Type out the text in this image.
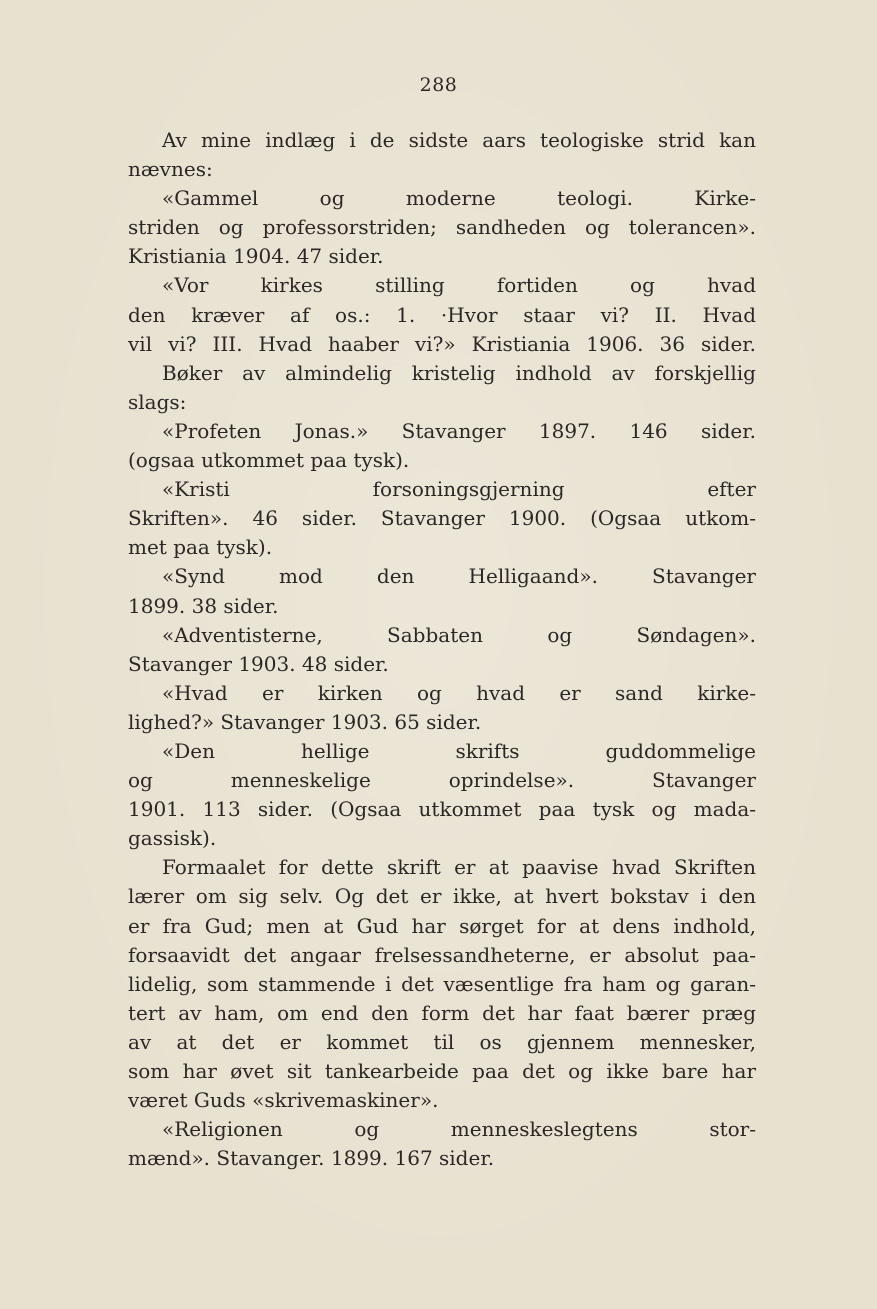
288
Av mine indlæg i de sidste aars teologiske strid kan
nævnes:
«Gammel og moderne teologi. Kirke-
striden og professorstriden; sandheden og tolerancen».
Kristiania 1904. 47 sider.
«Vor kirkes stilling fortiden og hvad
den kræver af os.: 1. ·Hvor staar vi? II. Hvad
vil vi? III. Hvad haaber vi?» Kristiania 1906. 36 sider.
Bøker av almindelig kristelig indhold av forskjellig
slags:
«Profeten Jonas.» Stavanger 1897. 146 sider.
(ogsaa utkommet paa tysk).
«Kristi forsoningsgjerning efter
Skriften». 46 sider. Stavanger 1900. (Ogsaa utkom-
met paa tysk).
«Synd mod den Helligaand». Stavanger
1899. 38 sider.
«Adventisterne, Sabbaten og Søndagen».
Stavanger 1903. 48 sider.
«Hvad er kirken og hvad er sand kirke-
lighed?» Stavanger 1903. 65 sider.
«Den hellige skrifts guddommelige
og menneskelige oprindelse». Stavanger
1901. 113 sider. (Ogsaa utkommet paa tysk og mada-
gassisk).
Formaalet for dette skrift er at paavise hvad Skriften
lærer om sig selv. Og det er ikke, at hvert bokstav i den
er fra Gud; men at Gud har sørget for at dens indhold,
forsaavidt det angaar frelsessandheterne, er absolut paa-
lidelig, som stammende i det væsentlige fra ham og garan-
tert av ham, om end den form det har faat bærer præg
av at det er kommet til os gjennem mennesker,
som har øvet sit tankearbeide paa det og ikke bare har
været Guds «skrivemaskiner».
«Religionen og menneskeslegtens stor-
mænd». Stavanger. 1899. 167 sider.
